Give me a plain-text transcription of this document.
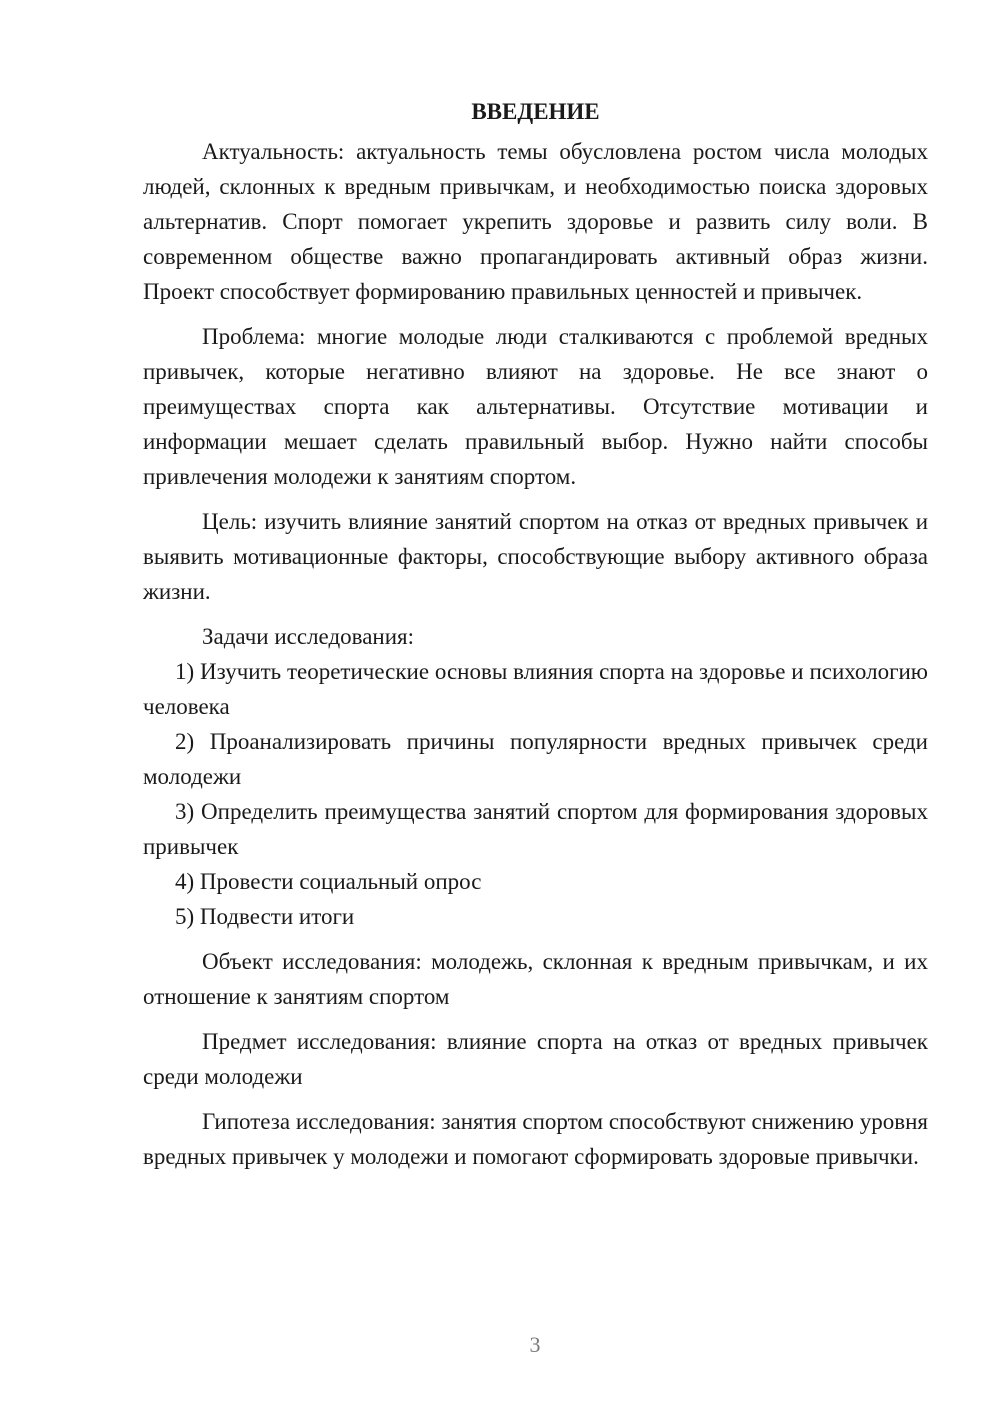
ВВЕДЕНИЕ

Актуальность: актуальность темы обусловлена ростом числа молодых людей, склонных к вредным привычкам, и необходимостью поиска здоровых альтернатив. Спорт помогает укрепить здоровье и развить силу воли. В современном обществе важно пропагандировать активный образ жизни. Проект способствует формированию правильных ценностей и привычек.

Проблема: многие молодые люди сталкиваются с проблемой вредных привычек, которые негативно влияют на здоровье. Не все знают о преимуществах спорта как альтернативы. Отсутствие мотивации и информации мешает сделать правильный выбор. Нужно найти способы привлечения молодежи к занятиям спортом.

Цель: изучить влияние занятий спортом на отказ от вредных привычек и выявить мотивационные факторы, способствующие выбору активного образа жизни.

Задачи исследования:

1) Изучить теоретические основы влияния спорта на здоровье и психологию человека

2) Проанализировать причины популярности вредных привычек среди молодежи

3) Определить преимущества занятий спортом для формирования здоровых привычек

4) Провести социальный опрос

5) Подвести итоги

Объект исследования: молодежь, склонная к вредным привычкам, и их отношение к занятиям спортом

Предмет исследования: влияние спорта на отказ от вредных привычек среди молодежи

Гипотеза исследования: занятия спортом способствуют снижению уровня вредных привычек у молодежи и помогают сформировать здоровые привычки.

3
